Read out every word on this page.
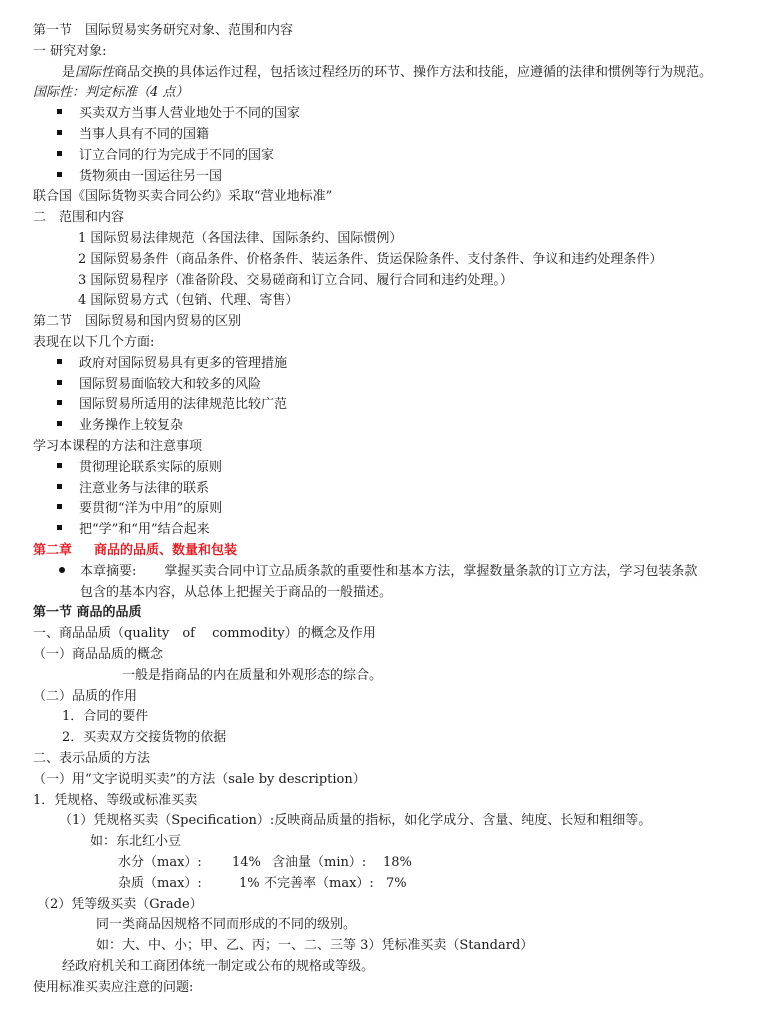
第一节　国际贸易实务研究对象、范围和内容
一 研究对象:
是国际性商品交换的具体运作过程，包括该过程经历的环节、操作方法和技能，应遵循的法律和惯例等行为规范。
国际性：判定标准（4 点）
买卖双方当事人营业地处于不同的国家
当事人具有不同的国籍
订立合同的行为完成于不同的国家
货物须由一国运往另一国
联合国《国际货物买卖合同公约》采取“营业地标准”
二　范围和内容
1 国际贸易法律规范（各国法律、国际条约、国际惯例）
2 国际贸易条件（商品条件、价格条件、装运条件、货运保险条件、支付条件、争议和违约处理条件）
3 国际贸易程序（准备阶段、交易磋商和订立合同、履行合同和违约处理。）
4 国际贸易方式（包销、代理、寄售）
第二节　国际贸易和国内贸易的区别
表现在以下几个方面:
政府对国际贸易具有更多的管理措施
国际贸易面临较大和较多的风险
国际贸易所适用的法律规范比较广范
业务操作上较复杂
学习本课程的方法和注意事项
贯彻理论联系实际的原则
注意业务与法律的联系
要贯彻“洋为中用”的原则
把“学”和“用”结合起来
第二章 商品的品质、数量和包装
本章摘要: 掌握买卖合同中订立品质条款的重要性和基本方法，掌握数量条款的订立方法，学习包装条款
包含的基本内容，从总体上把握关于商品的一般描述。
第一节 商品的品质
一、商品品质（quality　of　 commodity）的概念及作用
（一）商品品质的概念
一般是指商品的内在质量和外观形态的综合。
（二）品质的作用
1．合同的要件
2．买卖双方交接货物的依据
二、表示品质的方法
（一）用“文字说明买卖”的方法（sale by description）
1．凭规格、等级或标准买卖
（1）凭规格买卖（Specification）:反映商品质量的指标，如化学成分、含量、纯度、长短和粗细等。
如：东北红小豆
水分（max）: 14% 含油量（min）: 18%
杂质（max）:	1% 不完善率（max）: 7%
（2）凭等级买卖（Grade）
同一类商品因规格不同而形成的不同的级别。
如：大、中、小；甲、乙、丙；一、二、三等 3）凭标准买卖（Standard）
经政府机关和工商团体统一制定或公布的规格或等级。
使用标准买卖应注意的问题:
